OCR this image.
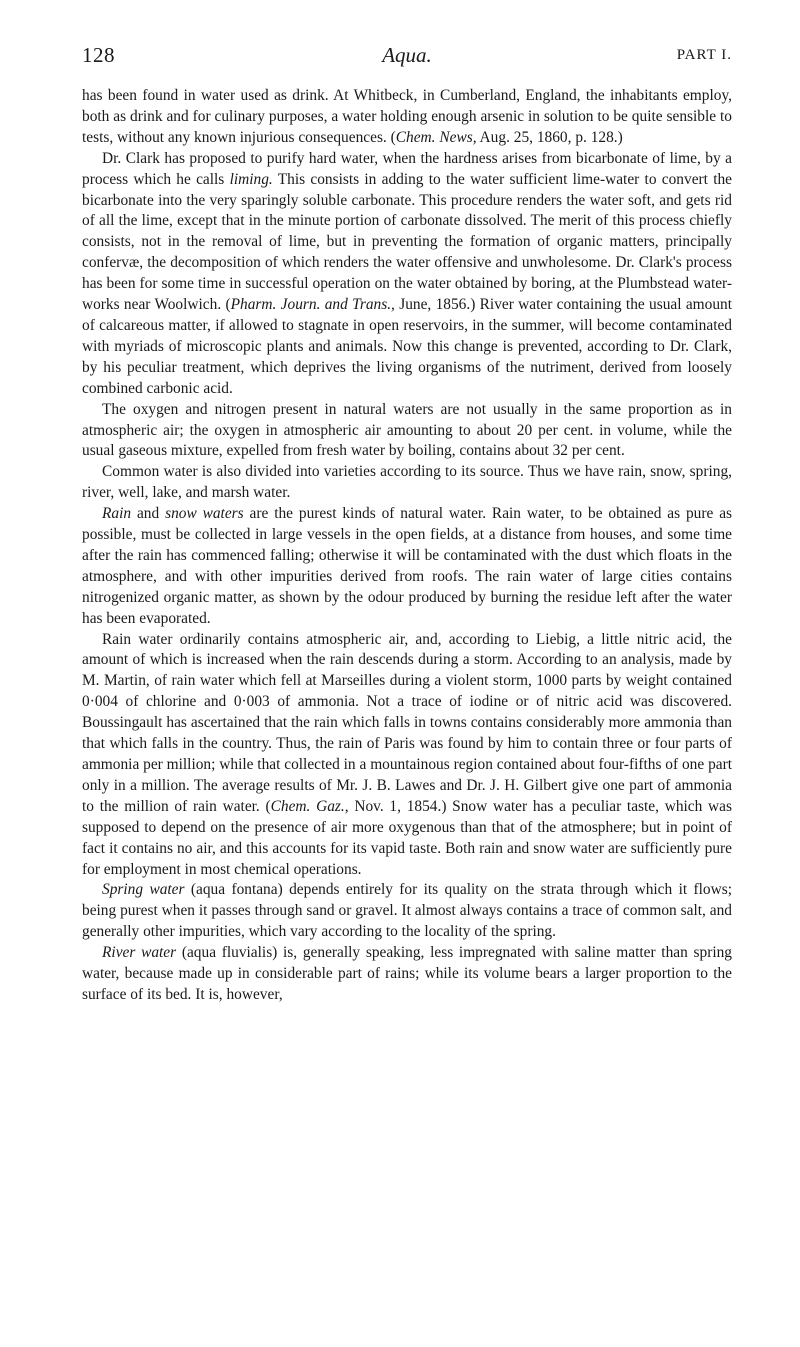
128	Aqua.	PART I.

has been found in water used as drink. At Whitbeck, in Cumberland, England, the inhabitants employ, both as drink and for culinary purposes, a water holding enough arsenic in solution to be quite sensible to tests, without any known injurious consequences. (Chem. News, Aug. 25, 1860, p. 128.)

Dr. Clark has proposed to purify hard water, when the hardness arises from bicarbonate of lime, by a process which he calls liming. This consists in adding to the water sufficient lime-water to convert the bicarbonate into the very sparingly soluble carbonate. This procedure renders the water soft, and gets rid of all the lime, except that in the minute portion of carbonate dissolved. The merit of this process chiefly consists, not in the removal of lime, but in preventing the formation of organic matters, principally confervæ, the decomposition of which renders the water offensive and unwholesome. Dr. Clark's process has been for some time in successful operation on the water obtained by boring, at the Plumbstead water-works near Woolwich. (Pharm. Journ. and Trans., June, 1856.) River water containing the usual amount of calcareous matter, if allowed to stagnate in open reservoirs, in the summer, will become contaminated with myriads of microscopic plants and animals. Now this change is prevented, according to Dr. Clark, by his peculiar treatment, which deprives the living organisms of the nutriment, derived from loosely combined carbonic acid.

The oxygen and nitrogen present in natural waters are not usually in the same proportion as in atmospheric air; the oxygen in atmospheric air amounting to about 20 per cent. in volume, while the usual gaseous mixture, expelled from fresh water by boiling, contains about 32 per cent.

Common water is also divided into varieties according to its source. Thus we have rain, snow, spring, river, well, lake, and marsh water.

Rain and snow waters are the purest kinds of natural water. Rain water, to be obtained as pure as possible, must be collected in large vessels in the open fields, at a distance from houses, and some time after the rain has commenced falling; otherwise it will be contaminated with the dust which floats in the atmosphere, and with other impurities derived from roofs. The rain water of large cities contains nitrogenized organic matter, as shown by the odour produced by burning the residue left after the water has been evaporated.

Rain water ordinarily contains atmospheric air, and, according to Liebig, a little nitric acid, the amount of which is increased when the rain descends during a storm. According to an analysis, made by M. Martin, of rain water which fell at Marseilles during a violent storm, 1000 parts by weight contained 0·004 of chlorine and 0·003 of ammonia. Not a trace of iodine or of nitric acid was discovered. Boussingault has ascertained that the rain which falls in towns contains considerably more ammonia than that which falls in the country. Thus, the rain of Paris was found by him to contain three or four parts of ammonia per million; while that collected in a mountainous region contained about four-fifths of one part only in a million. The average results of Mr. J. B. Lawes and Dr. J. H. Gilbert give one part of ammonia to the million of rain water. (Chem. Gaz., Nov. 1, 1854.) Snow water has a peculiar taste, which was supposed to depend on the presence of air more oxygenous than that of the atmosphere; but in point of fact it contains no air, and this accounts for its vapid taste. Both rain and snow water are sufficiently pure for employment in most chemical operations.

Spring water (aqua fontana) depends entirely for its quality on the strata through which it flows; being purest when it passes through sand or gravel. It almost always contains a trace of common salt, and generally other impurities, which vary according to the locality of the spring.

River water (aqua fluvialis) is, generally speaking, less impregnated with saline matter than spring water, because made up in considerable part of rains; while its volume bears a larger proportion to the surface of its bed. It is, however,
